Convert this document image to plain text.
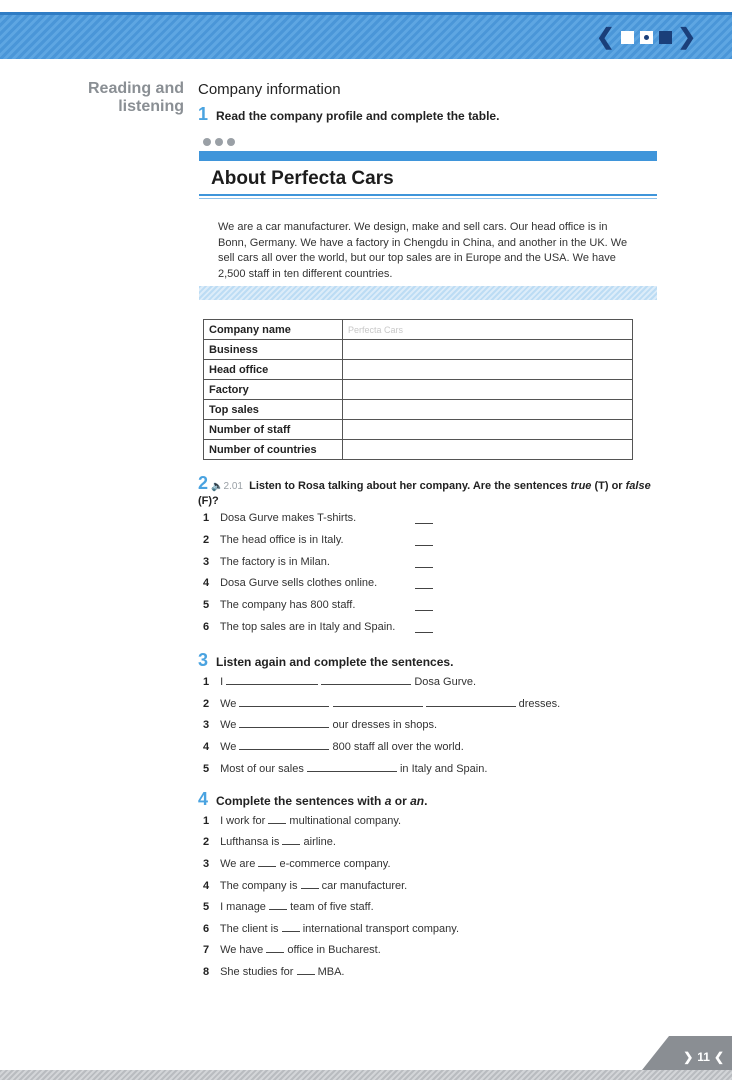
❮	❯
Reading and
listening
Company information
1 Read the company profile and complete the table.
About Perfecta Cars
We are a car manufacturer. We design, make and sell cars. Our head office is in Bonn, Germany. We have a factory in Chengdu in China, and another in the UK. We sell cars all over the world, but our top sales are in Europe and the USA. We have 2,500 staff in ten different countries.
Company name	Perfecta Cars
Business	
Head office	
Factory	
Top sales	
Number of staff	
Number of countries	
2 🔈2.01 Listen to Rosa talking about her company. Are the sentences true (T) or false (F)?
1 Dosa Gurve makes T-shirts.
2 The head office is in Italy.
3 The factory is in Milan.
4 Dosa Gurve sells clothes online.
5 The company has 800 staff.
6 The top sales are in Italy and Spain.
3 Listen again and complete the sentences.
1 I	Dosa Gurve.
2 We	dresses.
3 We	our dresses in shops.
4 We	800 staff all over the world.
5 Most of our sales	in Italy and Spain.
4 Complete the sentences with a or an.
1 I work for multinational company.
2 Lufthansa is airline.
3 We are e-commerce company.
4 The company is car manufacturer.
5 I manage team of five staff.
6 The client is international transport company.
7 We have office in Bucharest.
8 She studies for MBA.
❯ 11 ❮
